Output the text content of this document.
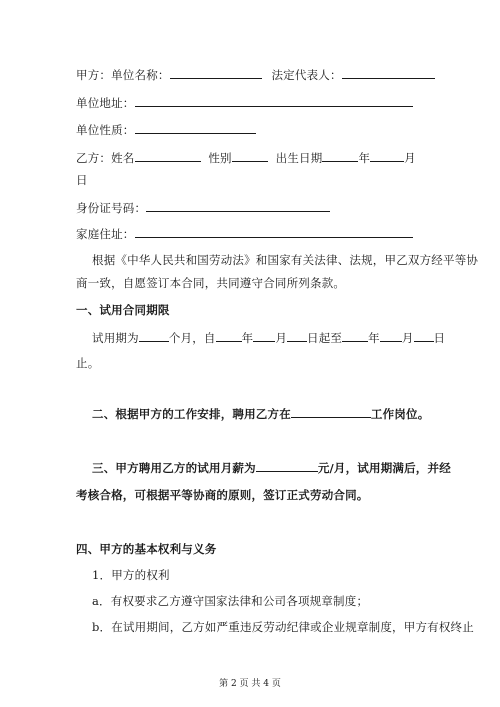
甲方：单位名称：	法定代表人：
单位地址：
单位性质：
乙方：姓名	性别	出生日期	年	月
日
身份证号码：
家庭住址：
根据《中华人民共和国劳动法》和国家有关法律、法规，甲乙双方经平等协
商一致，自愿签订本合同，共同遵守合同所列条款。
一、试用合同期限
试用期为	个月，自 年 月 日起至 年 月 日
止。
二、根据甲方的工作安排，聘用乙方在	工作岗位。
三、甲方聘用乙方的试用月薪为	元/月，试用期满后，并经
考核合格，可根据平等协商的原则，签订正式劳动合同。
四、甲方的基本权利与义务
1．甲方的权利
a．有权要求乙方遵守国家法律和公司各项规章制度；
b．在试用期间，乙方如严重违反劳动纪律或企业规章制度，甲方有权终止
第 2 页 共 4 页
